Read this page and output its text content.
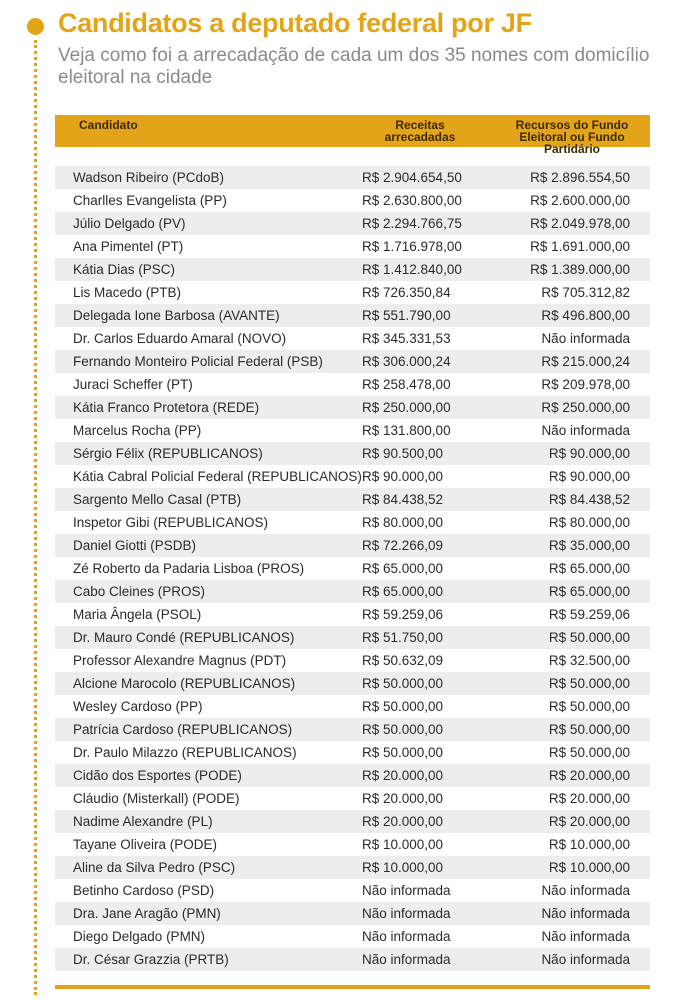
Candidatos a deputado federal por JF
Veja como foi a arrecadação de cada um dos 35 nomes com domicílio eleitoral na cidade
Candidato	Receitas arrecadadas
Recursos do Fundo Eleitoral ou Fundo Partidário
Wadson Ribeiro (PCdoB)	R$ 2.904.654,50	R$ 2.896.554,50
Charlles Evangelista (PP)	R$ 2.630.800,00	R$ 2.600.000,00
Júlio Delgado (PV)	R$ 2.294.766,75	R$ 2.049.978,00
Ana Pimentel (PT)	R$ 1.716.978,00	R$ 1.691.000,00
Kátia Dias (PSC)	R$ 1.412.840,00	R$ 1.389.000,00
Lis Macedo (PTB)	R$ 726.350,84	R$ 705.312,82
Delegada Ione Barbosa (AVANTE)	R$ 551.790,00	R$ 496.800,00
Dr. Carlos Eduardo Amaral (NOVO)	R$ 345.331,53	Não informada
Fernando Monteiro Policial Federal (PSB)	R$ 306.000,24	R$ 215.000,24
Juraci Scheffer (PT)	R$ 258.478,00	R$ 209.978,00
Kátia Franco Protetora (REDE)	R$ 250.000,00	R$ 250.000,00
Marcelus Rocha (PP)	R$ 131.800,00	Não informada
Sérgio Félix (REPUBLICANOS)	R$ 90.500,00	R$ 90.000,00
Kátia Cabral Policial Federal (REPUBLICANOS) R$ 90.000,00	R$ 90.000,00
Sargento Mello Casal (PTB)	R$ 84.438,52	R$ 84.438,52
Inspetor Gibi (REPUBLICANOS)	R$ 80.000,00	R$ 80.000,00
Daniel Giotti (PSDB)	R$ 72.266,09	R$ 35.000,00
Zé Roberto da Padaria Lisboa (PROS)	R$ 65.000,00	R$ 65.000,00
Cabo Cleines (PROS)	R$ 65.000,00	R$ 65.000,00
Maria Ângela (PSOL)	R$ 59.259,06	R$ 59.259,06
Dr. Mauro Condé (REPUBLICANOS)	R$ 51.750,00	R$ 50.000,00
Professor Alexandre Magnus (PDT)	R$ 50.632,09	R$ 32.500,00
Alcione Marocolo (REPUBLICANOS)	R$ 50.000,00	R$ 50.000,00
Wesley Cardoso (PP)	R$ 50.000,00	R$ 50.000,00
Patrícia Cardoso (REPUBLICANOS)	R$ 50.000,00	R$ 50.000,00
Dr. Paulo Milazzo (REPUBLICANOS)	R$ 50.000,00	R$ 50.000,00
Cidão dos Esportes (PODE)	R$ 20.000,00	R$ 20.000,00
Cláudio (Misterkall) (PODE)	R$ 20.000,00	R$ 20.000,00
Nadime Alexandre (PL)	R$ 20.000,00	R$ 20.000,00
Tayane Oliveira (PODE)	R$ 10.000,00	R$ 10.000,00
Aline da Silva Pedro (PSC)	R$ 10.000,00	R$ 10.000,00
Betinho Cardoso (PSD)	Não informada	Não informada
Dra. Jane Aragão (PMN)	Não informada	Não informada
Diego Delgado (PMN)	Não informada	Não informada
Dr. César Grazzia (PRTB)	Não informada	Não informada
